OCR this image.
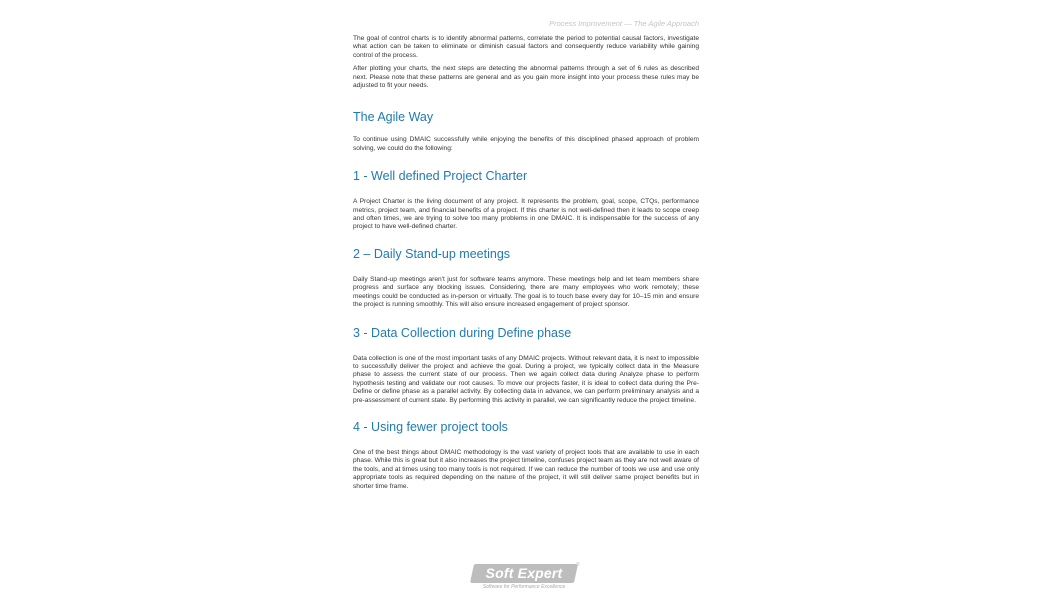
Process Improvement — The Agile Approach

The goal of control charts is to identify abnormal patterns, correlate the period to potential causal factors, investigate what action can be taken to eliminate or diminish casual factors and consequently reduce variability while gaining control of the process.

After plotting your charts, the next steps are detecting the abnormal patterns through a set of 6 rules as described next. Please note that these patterns are general and as you gain more insight into your process these rules may be adjusted to fit your needs.

The Agile Way

To continue using DMAIC successfully while enjoying the benefits of this disciplined phased approach of problem solving, we could do the following:

1 - Well defined Project Charter

A Project Charter is the living document of any project. It represents the problem, goal, scope, CTQs, performance metrics, project team, and financial benefits of a project. If this charter is not well-defined then it leads to scope creep and often times, we are trying to solve too many problems in one DMAIC. It is indispensable for the success of any project to have well-defined charter.

2 – Daily Stand-up meetings

Daily Stand-up meetings aren't just for software teams anymore. These meetings help and let team members share progress and surface any blocking issues. Considering, there are many employees who work remotely; these meetings could be conducted as in-person or virtually. The goal is to touch base every day for 10–15 min and ensure the project is running smoothly. This will also ensure increased engagement of project sponsor.

3 - Data Collection during Define phase

Data collection is one of the most important tasks of any DMAIC projects. Without relevant data, it is next to impossible to successfully deliver the project and achieve the goal. During a project, we typically collect data in the Measure phase to assess the current state of our process. Then we again collect data during Analyze phase to perform hypothesis testing and validate our root causes. To move our projects faster, it is ideal to collect data during the Pre-Define or define phase as a parallel activity. By collecting data in advance, we can perform preliminary analysis and a pre-assessment of current state. By performing this activity in parallel, we can significantly reduce the project timeline.

4 - Using fewer project tools

One of the best things about DMAIC methodology is the vast variety of project tools that are available to use in each phase. While this is great but it also increases the project timeline, confuses project team as they are not well aware of the tools, and at times using too many tools is not required. If we can reduce the number of tools we use and use only appropriate tools as required depending on the nature of the project, it will still deliver same project benefits but in shorter time frame.

Soft Expert	®
Software for Performance Excellence
